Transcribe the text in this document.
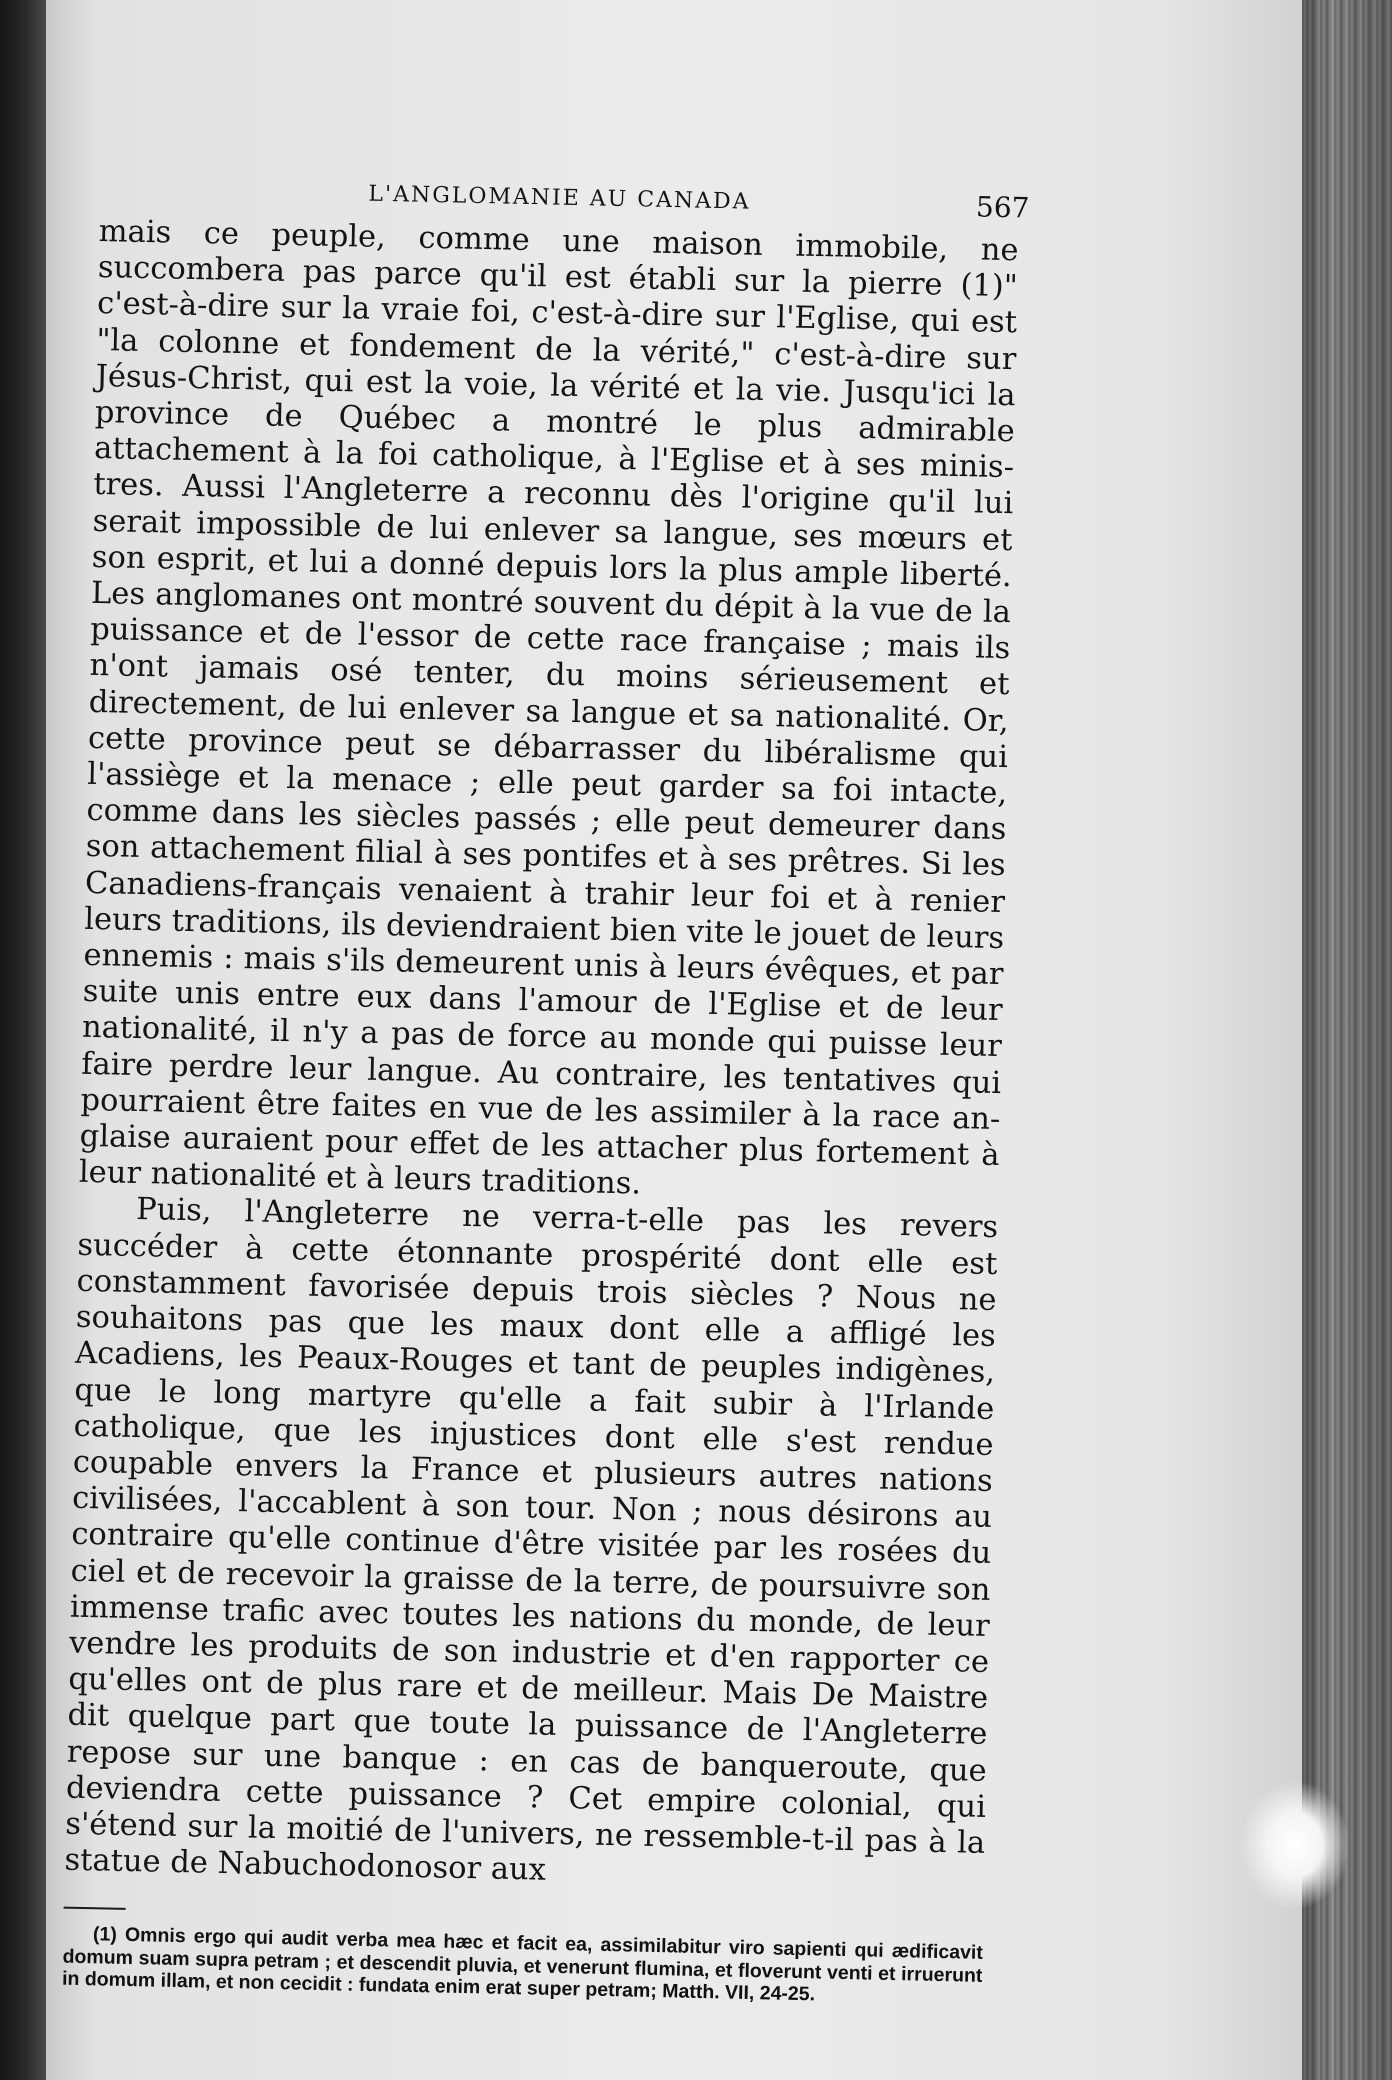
L'ANGLOMANIE AU CANADA	567

mais ce peuple, comme une maison immobile, ne succombera pas parce qu'il est établi sur la pierre (1)" c'est-à-dire sur la vraie foi, c'est-à-dire sur l'Eglise, qui est "la colonne et fondement de la vérité," c'est-à-dire sur Jésus-Christ, qui est la voie, la vérité et la vie. Jusqu'ici la province de Québec a montré le plus admirable attachement à la foi catholique, à l'Eglise et à ses ministres. Aussi l'Angleterre a reconnu dès l'origine qu'il lui serait impossible de lui enlever sa langue, ses mœurs et son esprit, et lui a donné depuis lors la plus ample liberté. Les anglomanes ont montré souvent du dépit à la vue de la puissance et de l'essor de cette race française ; mais ils n'ont jamais osé tenter, du moins sérieusement et directement, de lui enlever sa langue et sa nationalité. Or, cette province peut se débarrasser du libéralisme qui l'assiège et la menace ; elle peut garder sa foi intacte, comme dans les siècles passés ; elle peut demeurer dans son attachement filial à ses pontifes et à ses prêtres. Si les Canadiens-français venaient à trahir leur foi et à renier leurs traditions, ils deviendraient bien vite le jouet de leurs ennemis : mais s'ils demeurent unis à leurs évêques, et par suite unis entre eux dans l'amour de l'Eglise et de leur nationalité, il n'y a pas de force au monde qui puisse leur faire perdre leur langue. Au contraire, les tentatives qui pourraient être faites en vue de les assimiler à la race anglaise auraient pour effet de les attacher plus fortement à leur nationalité et à leurs traditions.

Puis, l'Angleterre ne verra-t-elle pas les revers succéder à cette étonnante prospérité dont elle est constamment favorisée depuis trois siècles ? Nous ne souhaitons pas que les maux dont elle a affligé les Acadiens, les Peaux-Rouges et tant de peuples indigènes, que le long martyre qu'elle a fait subir à l'Irlande catholique, que les injustices dont elle s'est rendue coupable envers la France et plusieurs autres nations civilisées, l'accablent à son tour. Non ; nous désirons au contraire qu'elle continue d'être visitée par les rosées du ciel et de recevoir la graisse de la terre, de poursuivre son immense trafic avec toutes les nations du monde, de leur vendre les produits de son industrie et d'en rapporter ce qu'elles ont de plus rare et de meilleur. Mais De Maistre dit quelque part que toute la puissance de l'Angleterre repose sur une banque : en cas de banqueroute, que deviendra cette puissance ? Cet empire colonial, qui s'étend sur la moitié de l'univers, ne ressemble-t-il pas à la statue de Nabuchodonosor aux

(1) Omnis ergo qui audit verba mea hæc et facit ea, assimilabitur viro sapienti qui ædificavit domum suam supra petram ; et descendit pluvia, et venerunt flumina, et floverunt venti et irruerunt in domum illam, et non cecidit : fundata enim erat super petram; Matth. VII, 24-25.
